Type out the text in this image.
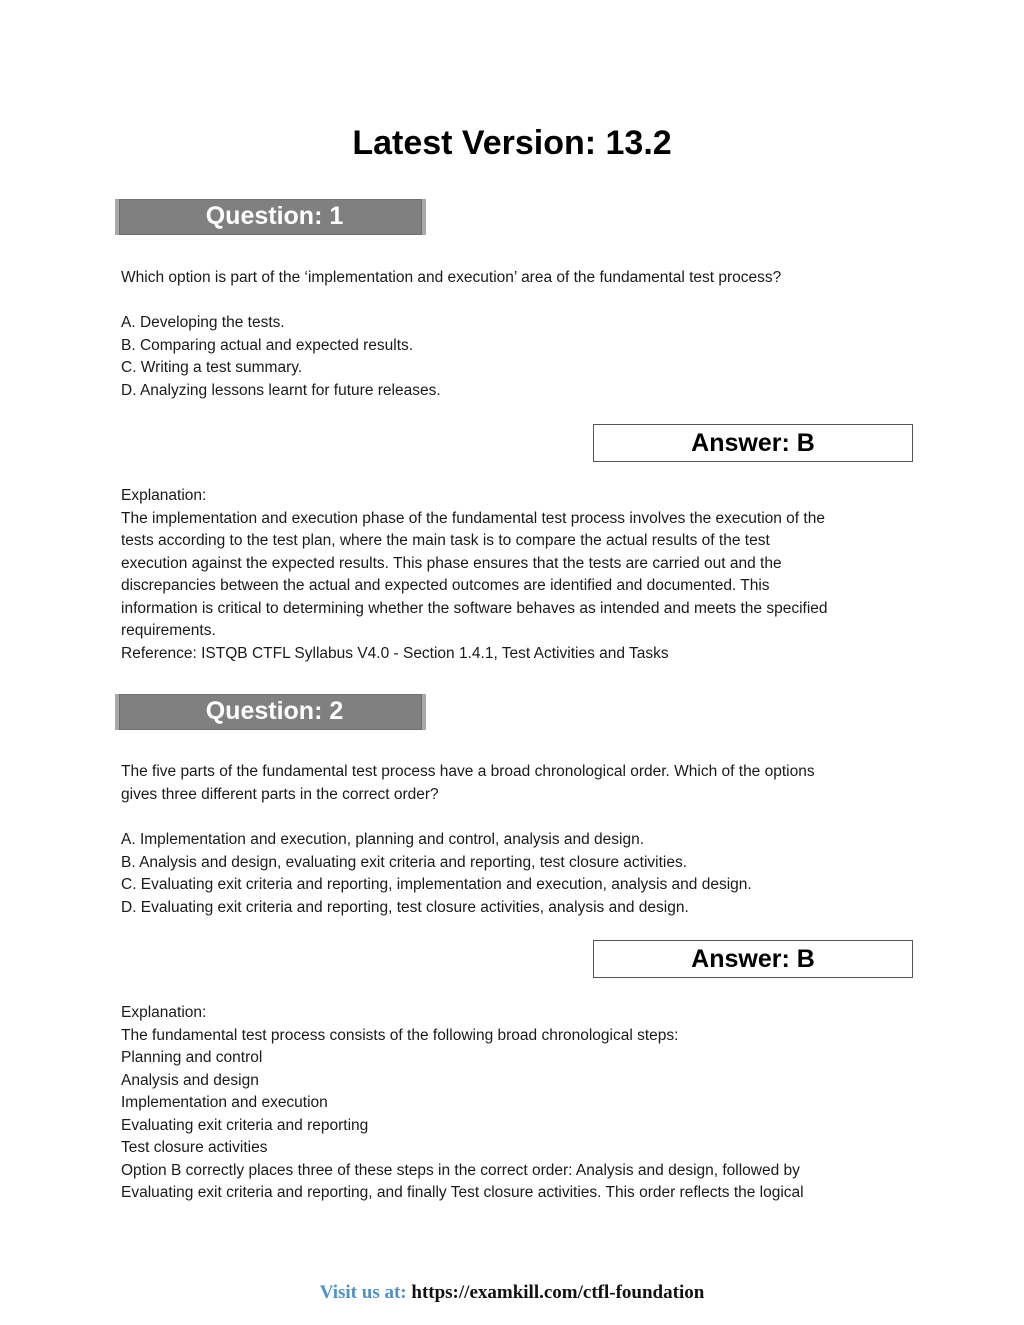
Latest Version: 13.2
Question: 1
Which option is part of the ‘implementation and execution’ area of the fundamental test process?
A. Developing the tests.
B. Comparing actual and expected results.
C. Writing a test summary.
D. Analyzing lessons learnt for future releases.
Answer: B
Explanation:
The implementation and execution phase of the fundamental test process involves the execution of the
tests according to the test plan, where the main task is to compare the actual results of the test
execution against the expected results. This phase ensures that the tests are carried out and the
discrepancies between the actual and expected outcomes are identified and documented. This
information is critical to determining whether the software behaves as intended and meets the specified
requirements.
Reference: ISTQB CTFL Syllabus V4.0 - Section 1.4.1, Test Activities and Tasks
Question: 2
The five parts of the fundamental test process have a broad chronological order. Which of the options
gives three different parts in the correct order?
A. Implementation and execution, planning and control, analysis and design.
B. Analysis and design, evaluating exit criteria and reporting, test closure activities.
C. Evaluating exit criteria and reporting, implementation and execution, analysis and design.
D. Evaluating exit criteria and reporting, test closure activities, analysis and design.
Answer: B
Explanation:
The fundamental test process consists of the following broad chronological steps:
Planning and control
Analysis and design
Implementation and execution
Evaluating exit criteria and reporting
Test closure activities
Option B correctly places three of these steps in the correct order: Analysis and design, followed by
Evaluating exit criteria and reporting, and finally Test closure activities. This order reflects the logical
Visit us at: https://examkill.com/ctfl-foundation
